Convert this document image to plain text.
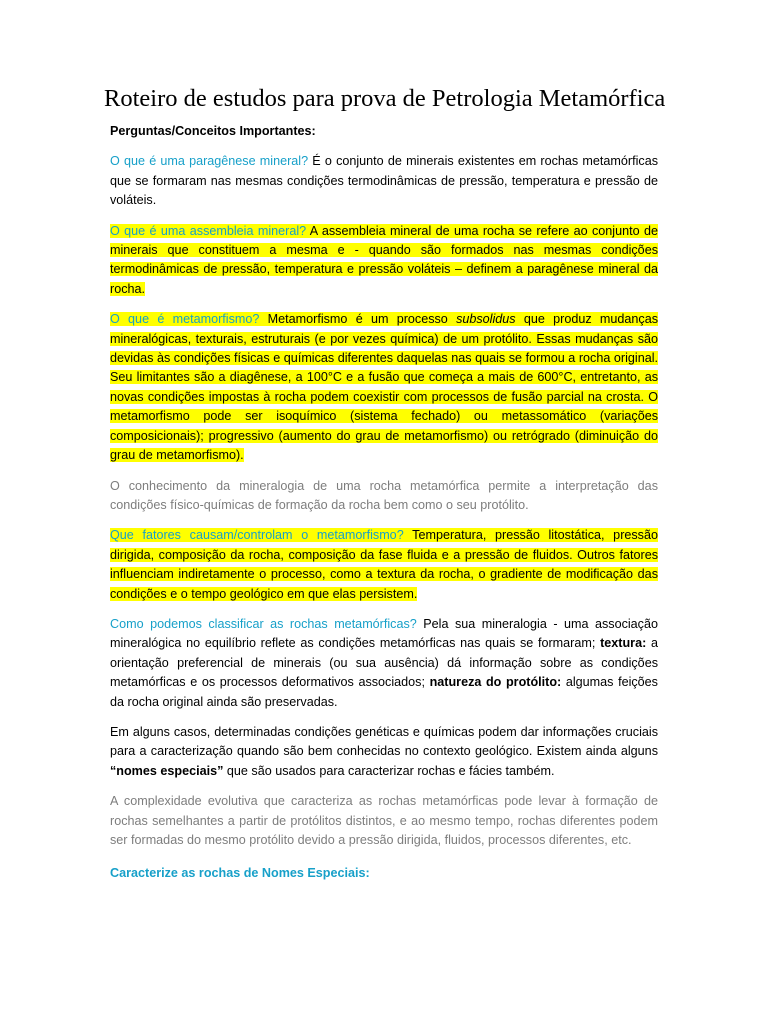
Roteiro de estudos para prova de Petrologia Metamórfica
Perguntas/Conceitos Importantes:

O que é uma paragênese mineral? É o conjunto de minerais existentes em rochas metamórficas que se formaram nas mesmas condições termodinâmicas de pressão, temperatura e pressão de voláteis.

O que é uma assembleia mineral? A assembleia mineral de uma rocha se refere ao conjunto de minerais que constituem a mesma e - quando são formados nas mesmas condições termodinâmicas de pressão, temperatura e pressão voláteis – definem a paragênese mineral da rocha.

O que é metamorfismo? Metamorfismo é um processo subsolidus que produz mudanças mineralógicas, texturais, estruturais (e por vezes química) de um protólito. Essas mudanças são devidas às condições físicas e químicas diferentes daquelas nas quais se formou a rocha original. Seu limitantes são a diagênese, a 100°C e a fusão que começa a mais de 600°C, entretanto, as novas condições impostas à rocha podem coexistir com processos de fusão parcial na crosta. O metamorfismo pode ser isoquímico (sistema fechado) ou metassomático (variações composicionais); progressivo (aumento do grau de metamorfismo) ou retrógrado (diminuição do grau de metamorfismo).

O conhecimento da mineralogia de uma rocha metamórfica permite a interpretação das condições físico-químicas de formação da rocha bem como o seu protólito.

Que fatores causam/controlam o metamorfismo? Temperatura, pressão litostática, pressão dirigida, composição da rocha, composição da fase fluida e a pressão de fluidos. Outros fatores influenciam indiretamente o processo, como a textura da rocha, o gradiente de modificação das condições e o tempo geológico em que elas persistem.

Como podemos classificar as rochas metamórficas? Pela sua mineralogia - uma associação mineralógica no equilíbrio reflete as condições metamórficas nas quais se formaram; textura: a orientação preferencial de minerais (ou sua ausência) dá informação sobre as condições metamórficas e os processos deformativos associados; natureza do protólito: algumas feições da rocha original ainda são preservadas.

Em alguns casos, determinadas condições genéticas e químicas podem dar informações cruciais para a caracterização quando são bem conhecidas no contexto geológico. Existem ainda alguns “nomes especiais” que são usados para caracterizar rochas e fácies também.

A complexidade evolutiva que caracteriza as rochas metamórficas pode levar à formação de rochas semelhantes a partir de protólitos distintos, e ao mesmo tempo, rochas diferentes podem ser formadas do mesmo protólito devido a pressão dirigida, fluidos, processos diferentes, etc.

Caracterize as rochas de Nomes Especiais:
